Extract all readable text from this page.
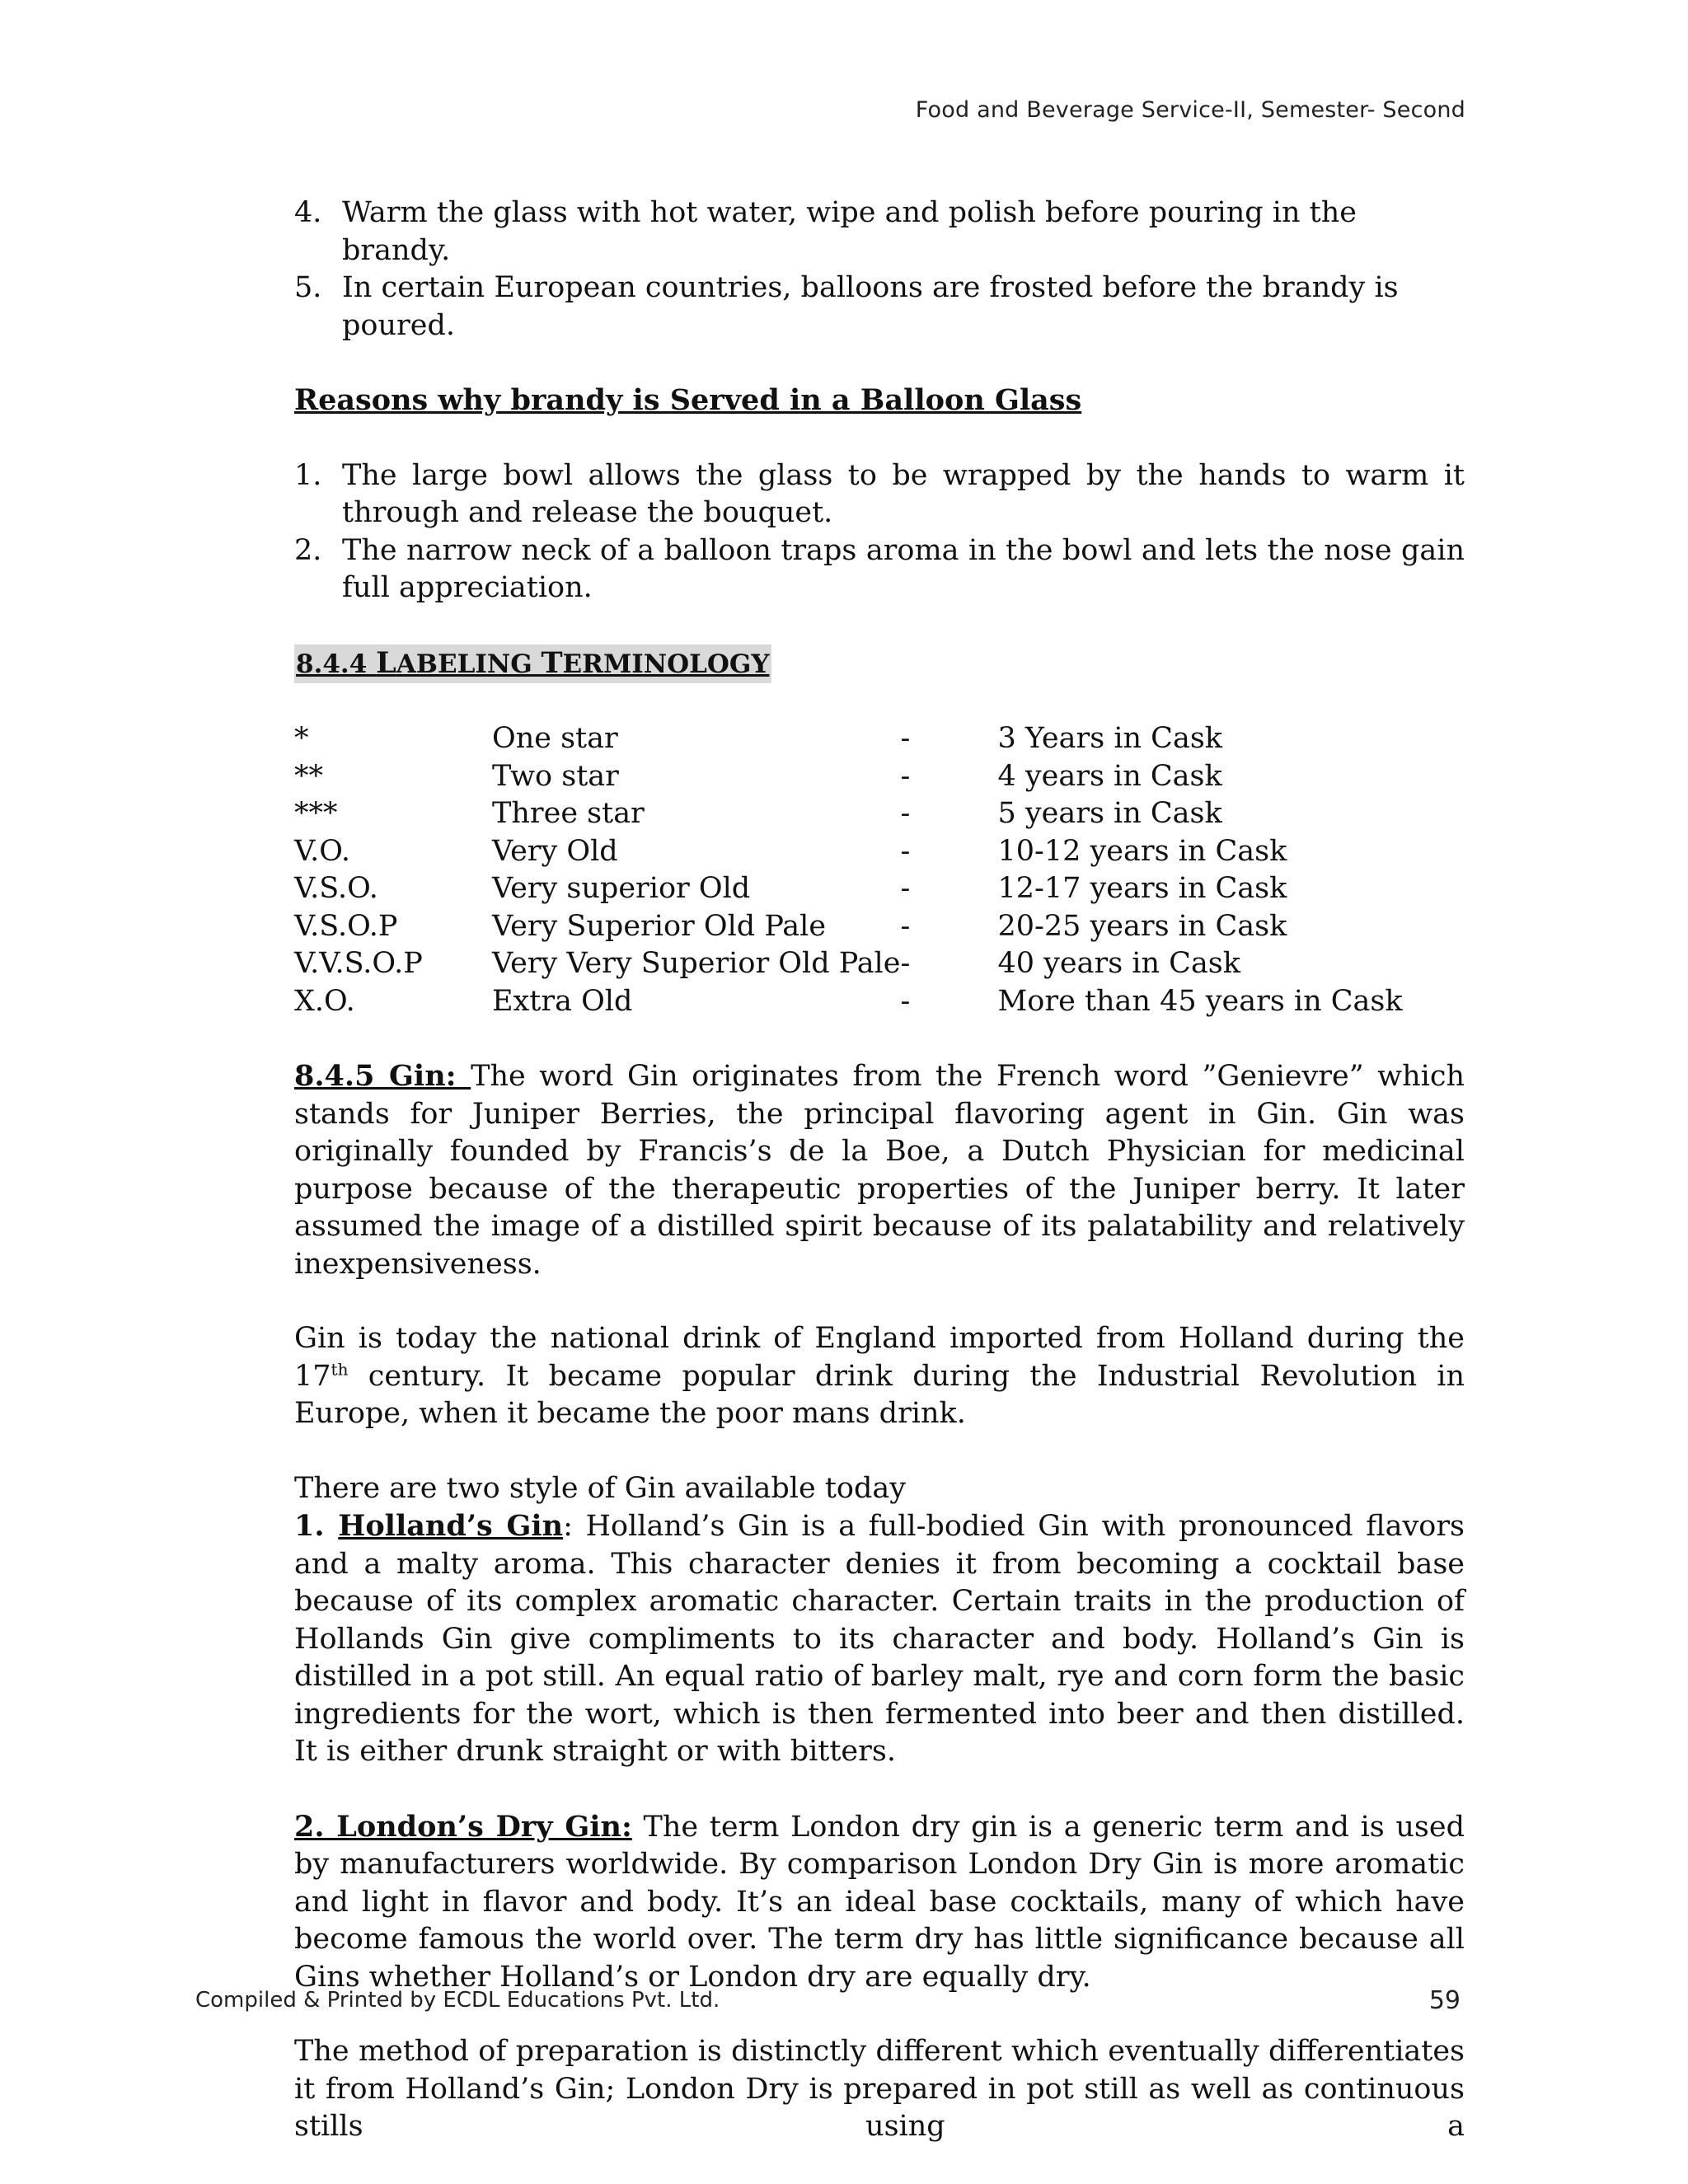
Food and Beverage Service-II, Semester- Second
4. Warm the glass with hot water, wipe and polish before pouring in the brandy.
5. In certain European countries, balloons are frosted before the brandy is poured.

Reasons why brandy is Served in a Balloon Glass

1. The large bowl allows the glass to be wrapped by the hands to warm it through and release the bouquet.
2. The narrow neck of a balloon traps aroma in the bowl and lets the nose gain full appreciation.

8.4.4 LABELING TERMINOLOGY

*	One star	-	3 Years in Cask
**	Two star	-	4 years in Cask
***	Three star	-	5 years in Cask
V.O.	Very Old	-	10-12 years in Cask
V.S.O.	Very superior Old	-	12-17 years in Cask
V.S.O.P	Very Superior Old Pale	-	20-25 years in Cask
V.V.S.O.P	Very Very Superior Old Pale	-	40 years in Cask
X.O.	Extra Old	-	More than 45 years in Cask

8.4.5 Gin: The word Gin originates from the French word ”Genievre” which stands for Juniper Berries, the principal flavoring agent in Gin. Gin was originally founded by Francis’s de la Boe, a Dutch Physician for medicinal purpose because of the therapeutic properties of the Juniper berry. It later assumed the image of a distilled spirit because of its palatability and relatively inexpensiveness.

Gin is today the national drink of England imported from Holland during the 17th century. It became popular drink during the Industrial Revolution in Europe, when it became the poor mans drink.

There are two style of Gin available today

1. Holland’s Gin: Holland’s Gin is a full-bodied Gin with pronounced flavors and a malty aroma. This character denies it from becoming a cocktail base because of its complex aromatic character. Certain traits in the production of Hollands Gin give compliments to its character and body. Holland’s Gin is distilled in a pot still. An equal ratio of barley malt, rye and corn form the basic ingredients for the wort, which is then fermented into beer and then distilled. It is either drunk straight or with bitters.

2. London’s Dry Gin: The term London dry gin is a generic term and is used by manufacturers worldwide. By comparison London Dry Gin is more aromatic and light in flavor and body. It’s an ideal base cocktails, many of which have become famous the world over. The term dry has little significance because all Gins whether Holland’s or London dry are equally dry.

The method of preparation is distinctly different which eventually differentiates it from Holland’s Gin; London Dry is prepared in pot still as well as continuous stills using a

Compiled & Printed by ECDL Educations Pvt. Ltd.	59
